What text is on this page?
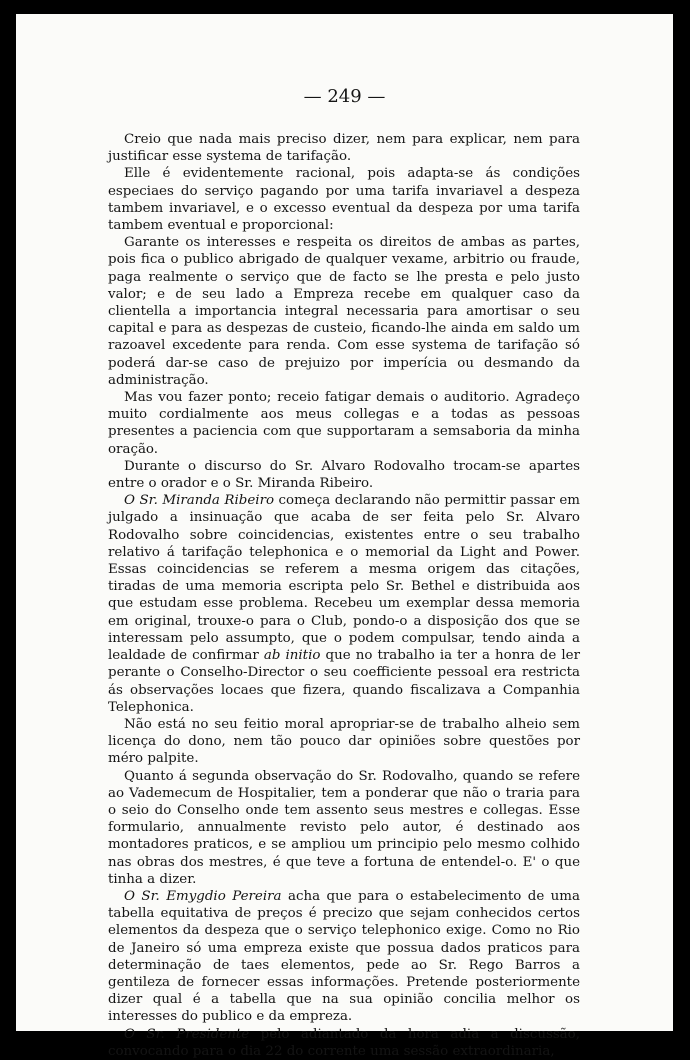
— 249 —

Creio que nada mais preciso dizer, nem para explicar, nem para justificar esse systema de tarifação.

Elle é evidentemente racional, pois adapta-se ás condições especiaes do serviço pagando por uma tarifa invariavel a despeza tambem invariavel, e o excesso eventual da despeza por uma tarifa tambem eventual e proporcional:

Garante os interesses e respeita os direitos de ambas as partes, pois fica o publico abrigado de qualquer vexame, arbitrio ou fraude, paga realmente o serviço que de facto se lhe presta e pelo justo valor; e de seu lado a Empreza recebe em qualquer caso da clientella a importancia integral necessaria para amortisar o seu capital e para as despezas de custeio, ficando-lhe ainda em saldo um razoavel excedente para renda. Com esse systema de tarifação só poderá dar-se caso de prejuizo por imperícia ou desmando da administração.

Mas vou fazer ponto; receio fatigar demais o auditorio. Agradeço muito cordialmente aos meus collegas e a todas as pessoas presentes a paciencia com que supportaram a semsaboria da minha oração.

Durante o discurso do Sr. Alvaro Rodovalho trocam-se apartes entre o orador e o Sr. Miranda Ribeiro.

O Sr. Miranda Ribeiro começa declarando não permittir passar em julgado a insinuação que acaba de ser feita pelo Sr. Alvaro Rodovalho sobre coincidencias, existentes entre o seu trabalho relativo á tarifação telephonica e o memorial da Light and Power. Essas coincidencias se referem a mesma origem das citações, tiradas de uma memoria escripta pelo Sr. Bethel e distribuida aos que estudam esse problema. Recebeu um exemplar dessa memoria em original, trouxe-o para o Club, pondo-o a disposição dos que se interessam pelo assumpto, que o podem compulsar, tendo ainda a lealdade de confirmar ab initio que no trabalho ia ter a honra de ler perante o Conselho-Director o seu coefficiente pessoal era restricta ás observações locaes que fizera, quando fiscalizava a Companhia Telephonica.

Não está no seu feitio moral apropriar-se de trabalho alheio sem licença do dono, nem tão pouco dar opiniões sobre questões por méro palpite.

Quanto á segunda observação do Sr. Rodovalho, quando se refere ao Vademecum de Hospitalier, tem a ponderar que não o traria para o seio do Conselho onde tem assento seus mestres e collegas. Esse formulario, annualmente revisto pelo autor, é destinado aos montadores praticos, e se ampliou um principio pelo mesmo colhido nas obras dos mestres, é que teve a fortuna de entendel-o. E' o que tinha a dizer.

O Sr. Emygdio Pereira acha que para o estabelecimento de uma tabella equitativa de preços é precizo que sejam conhecidos certos elementos da despeza que o serviço telephonico exige. Como no Rio de Janeiro só uma empreza existe que possua dados praticos para determinação de taes elementos, pede ao Sr. Rego Barros a gentileza de fornecer essas informações. Pretende posteriormente dizer qual é a tabella que na sua opinião concilia melhor os interesses do publico e da empreza.

O Sr. Presidente pelo adiantado da hora adia a discussão, convocando para o dia 22 do corrente uma sessão extraordinaria,
